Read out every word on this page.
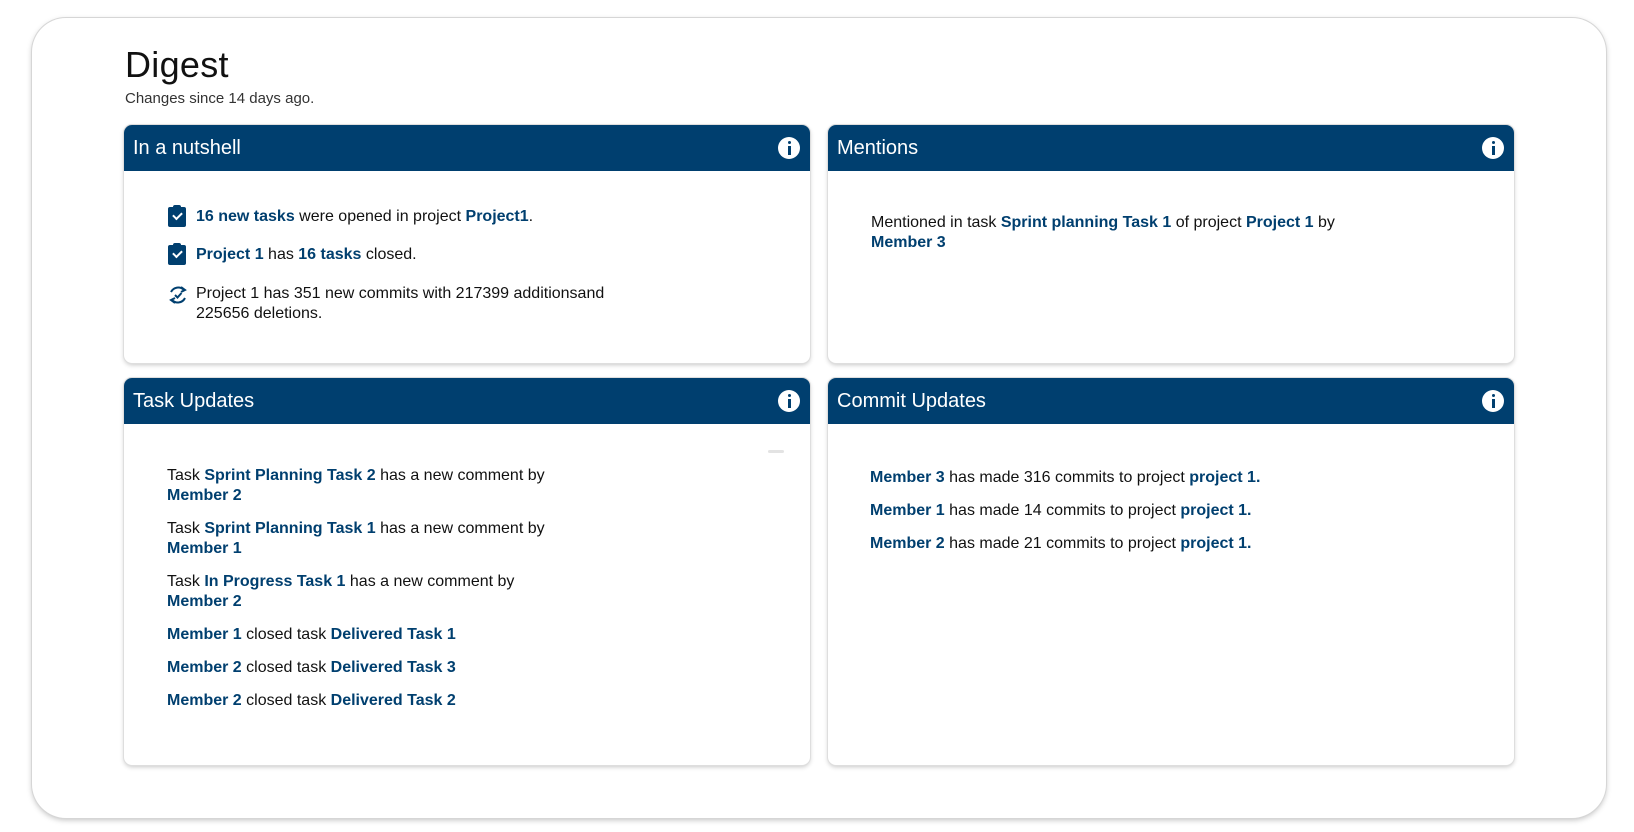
Digest
Changes since 14 days ago.
In a nutshell
16 new tasks were opened in project Project1.
Project 1 has 16 tasks closed.
Project 1 has 351 new commits with 217399 additionsand 225656 deletions.
Mentions
Mentioned in task Sprint planning Task 1 of project Project 1 by
Member 3
Task Updates
Task Sprint Planning Task 2 has a new comment by
Member 2
Task Sprint Planning Task 1 has a new comment by
Member 1
Task In Progress Task 1 has a new comment by
Member 2
Member 1 closed task Delivered Task 1
Member 2 closed task Delivered Task 3
Member 2 closed task Delivered Task 2
Commit Updates
Member 3 has made 316 commits to project project 1.
Member 1 has made 14 commits to project project 1.
Member 2 has made 21 commits to project project 1.
